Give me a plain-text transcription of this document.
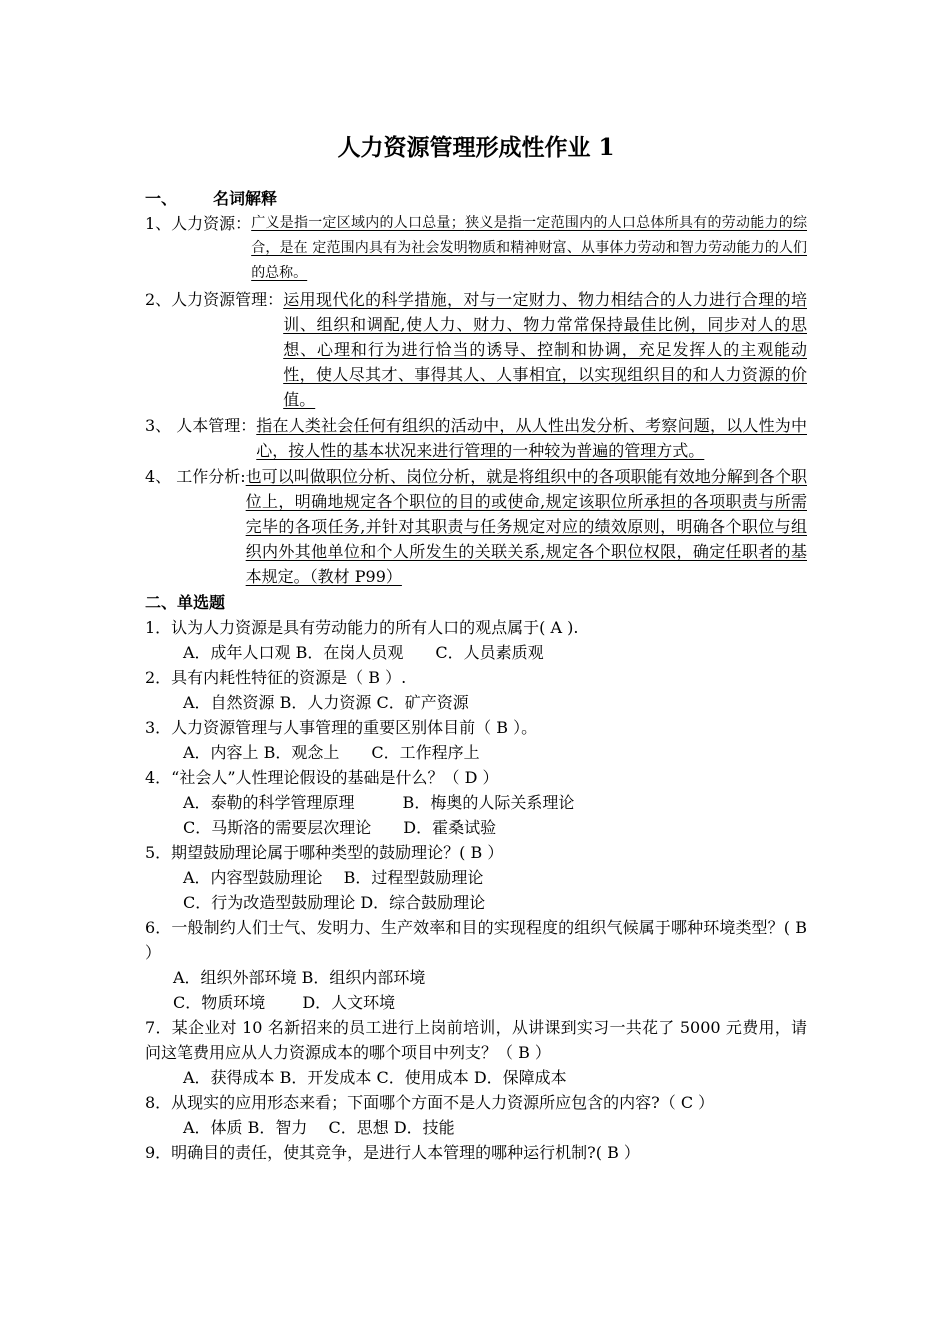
人力资源管理形成性作业 1
一、 名词解释
1、人力资源： 广义是指一定区域内的人口总量；狭义是指一定范围内的人口总体所具有的劳动能力的综合，是在 定范围内具有为社会发明物质和精神财富、从事体力劳动和智力劳动能力的人们的总称。
2、人力资源管理： 运用现代化的科学措施，对与一定财力、物力相结合的人力进行合理的培训、组织和调配,使人力、财力、物力常常保持最佳比例，同步对人的思想、心理和行为进行恰当的诱导、控制和协调，充足发挥人的主观能动性，使人尽其才、事得其人、人事相宜，以实现组织目的和人力资源的价值。
3、 人本管理： 指在人类社会任何有组织的活动中，从人性出发分析、考察问题，以人性为中心，按人性的基本状况来进行管理的一种较为普遍的管理方式。
4、 工作分析: 也可以叫做职位分析、岗位分析，就是将组织中的各项职能有效地分解到各个职位上，明确地规定各个职位的目的或使命,规定该职位所承担的各项职责与所需完毕的各项任务,并针对其职责与任务规定对应的绩效原则，明确各个职位与组织内外其他单位和个人所发生的关联关系,规定各个职位权限，确定任职者的基本规定。（教材 P99）
二、单选题
1．认为人力资源是具有劳动能力的所有人口的观点属于( A ).
A．成年人口观 B．在岗人员观　　C．人员素质观
2．具有内耗性特征的资源是（ B ）.
A．自然资源 B．人力资源 C．矿产资源
3．人力资源管理与人事管理的重要区别体目前（ B ）。
A．内容上 B．观念上　　C．工作程序上
4．“社会人”人性理论假设的基础是什么？（ D ）
A．泰勒的科学管理原理　　　B．梅奥的人际关系理论
C．马斯洛的需要层次理论　　D．霍桑试验
5．期望鼓励理论属于哪种类型的鼓励理论？( B ）
A．内容型鼓励理论　 B．过程型鼓励理论
C．行为改造型鼓励理论 D．综合鼓励理论
6．一般制约人们士气、发明力、生产效率和目的实现程度的组织气候属于哪种环境类型？( B ）
A．组织外部环境 B．组织内部环境
C．物质环境　　 D．人文环境
7．某企业对 10 名新招来的员工进行上岗前培训，从讲课到实习一共花了 5000 元费用，请问这笔费用应从人力资源成本的哪个项目中列支？（ B ）
A．获得成本 B．开发成本 C．使用成本 D．保障成本
8．从现实的应用形态来看；下面哪个方面不是人力资源所应包含的内容?（ C ）
A．体质 B．智力　 C．思想 D．技能
9．明确目的责任，使其竞争，是进行人本管理的哪种运行机制?( B ）
